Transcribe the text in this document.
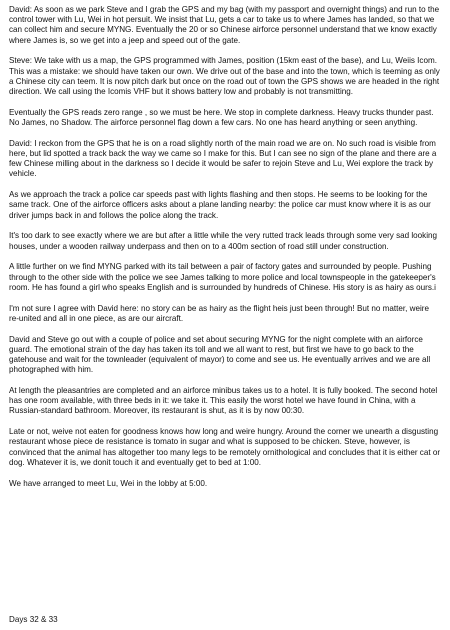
David: As soon as we park Steve and I grab the GPS and my bag (with my passport and overnight things) and run to the control tower with Lu, Wei in hot persuit. We insist that Lu, gets a car to take us to where James has landed, so that we can collect him and secure MYNG. Eventually the 20 or so Chinese airforce personnel understand that we know exactly where James is, so we get into a jeep and speed out of the gate.

Steve: We take with us a map, the GPS programmed with James, position (15km east of the base), and Lu, Weiis Icom. This was a mistake: we should have taken our own. We drive out of the base and into the town, which is teeming as only a Chinese city can teem. It is now pitch dark but once on the road out of town the GPS shows we are headed in the right direction. We call using the Icomis VHF but it shows battery low and probably is not transmitting.

Eventually the GPS reads zero range , so we must be here. We stop in complete darkness. Heavy trucks thunder past. No James, no Shadow. The airforce personnel flag down a few cars. No one has heard anything or seen anything.

David: I reckon from the GPS that he is on a road slightly north of the main road we are on. No such road is visible from here, but lid spotted a track back the way we came so I make for this. But I can see no sign of the plane and there are a few Chinese milling about in the darkness so I decide it would be safer to rejoin Steve and Lu, Wei explore the track by vehicle.

As we approach the track a police car speeds past with lights flashing and then stops. He seems to be looking for the same track. One of the airforce officers asks about a plane landing nearby: the police car must know where it is as our driver jumps back in and follows the police along the track.

It's too dark to see exactly where we are but after a little while the very rutted track leads through some very sad looking houses, under a wooden railway underpass and then on to a 400m section of road still under construction.

A little further on we find MYNG parked with its tail between a pair of factory gates and surrounded by people. Pushing through to the other side with the police we see James talking to more police and local townspeople in the gatekeeper's room. He has found a girl who speaks English and is surrounded by hundreds of Chinese. His story is as hairy as ours.i

I'm not sure I agree with David here: no story can be as hairy as the flight heis just been through! But no matter, weire re-united and all in one piece, as are our aircraft.

David and Steve go out with a couple of police and set about securing MYNG for the night complete with an airforce guard. The emotional strain of the day has taken its toll and we all want to rest, but first we have to go back to the gatehouse and wait for the townleader (equivalent of mayor) to come and see us. He eventually arrives and we are all photographed with him.

At length the pleasantries are completed and an airforce minibus takes us to a hotel. It is fully booked. The second hotel has one room available, with three beds in it: we take it. This easily the worst hotel we have found in China, with a Russian-standard bathroom. Moreover, its restaurant is shut, as it is by now 00:30.

Late or not, weive not eaten for goodness knows how long and weire hungry. Around the corner we unearth a disgusting restaurant whose piece de resistance is tomato in sugar and what is supposed to be chicken. Steve, however, is convinced that the animal has altogether too many legs to be remotely ornithological and concludes that it is either cat or dog. Whatever it is, we donit touch it and eventually get to bed at 1:00.

We have arranged to meet Lu, Wei in the lobby at 5:00.

Days 32 & 33
